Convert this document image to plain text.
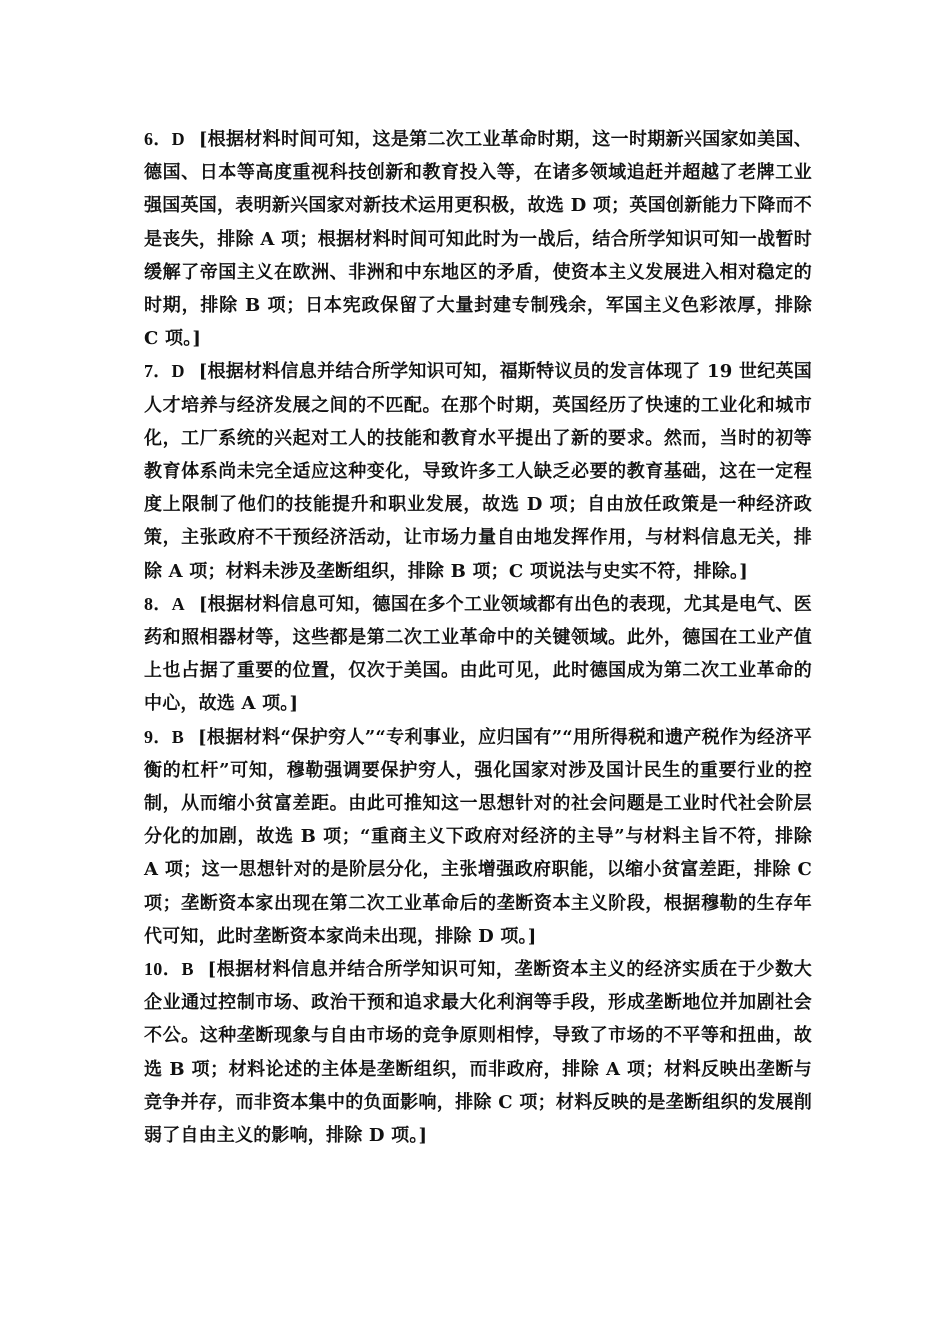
6．D [根据材料时间可知，这是第二次工业革命时期，这一时期新兴国家如美国、德国、日本等高度重视科技创新和教育投入等，在诸多领域追赶并超越了老牌工业强国英国，表明新兴国家对新技术运用更积极，故选 D 项；英国创新能力下降而不是丧失，排除 A 项；根据材料时间可知此时为一战后，结合所学知识可知一战暂时缓解了帝国主义在欧洲、非洲和中东地区的矛盾，使资本主义发展进入相对稳定的时期，排除 B 项；日本宪政保留了大量封建专制残余，军国主义色彩浓厚，排除 C 项。]

7．D [根据材料信息并结合所学知识可知，福斯特议员的发言体现了 19 世纪英国人才培养与经济发展之间的不匹配。在那个时期，英国经历了快速的工业化和城市化，工厂系统的兴起对工人的技能和教育水平提出了新的要求。然而，当时的初等教育体系尚未完全适应这种变化，导致许多工人缺乏必要的教育基础，这在一定程度上限制了他们的技能提升和职业发展，故选 D 项；自由放任政策是一种经济政策，主张政府不干预经济活动，让市场力量自由地发挥作用，与材料信息无关，排除 A 项；材料未涉及垄断组织，排除 B 项；C 项说法与史实不符，排除。]

8．A [根据材料信息可知，德国在多个工业领域都有出色的表现，尤其是电气、医药和照相器材等，这些都是第二次工业革命中的关键领域。此外，德国在工业产值上也占据了重要的位置，仅次于美国。由此可见，此时德国成为第二次工业革命的中心，故选 A 项。]

9．B [根据材料“保护穷人”“专利事业，应归国有”“用所得税和遗产税作为经济平衡的杠杆”可知，穆勒强调要保护穷人，强化国家对涉及国计民生的重要行业的控制，从而缩小贫富差距。由此可推知这一思想针对的社会问题是工业时代社会阶层分化的加剧，故选 B 项；“重商主义下政府对经济的主导”与材料主旨不符，排除 A 项；这一思想针对的是阶层分化，主张增强政府职能，以缩小贫富差距，排除 C 项；垄断资本家出现在第二次工业革命后的垄断资本主义阶段，根据穆勒的生存年代可知，此时垄断资本家尚未出现，排除 D 项。]

10．B [根据材料信息并结合所学知识可知，垄断资本主义的经济实质在于少数大企业通过控制市场、政治干预和追求最大化利润等手段，形成垄断地位并加剧社会不公。这种垄断现象与自由市场的竞争原则相悖，导致了市场的不平等和扭曲，故选 B 项；材料论述的主体是垄断组织，而非政府，排除 A 项；材料反映出垄断与竞争并存，而非资本集中的负面影响，排除 C 项；材料反映的是垄断组织的发展削弱了自由主义的影响，排除 D 项。]
